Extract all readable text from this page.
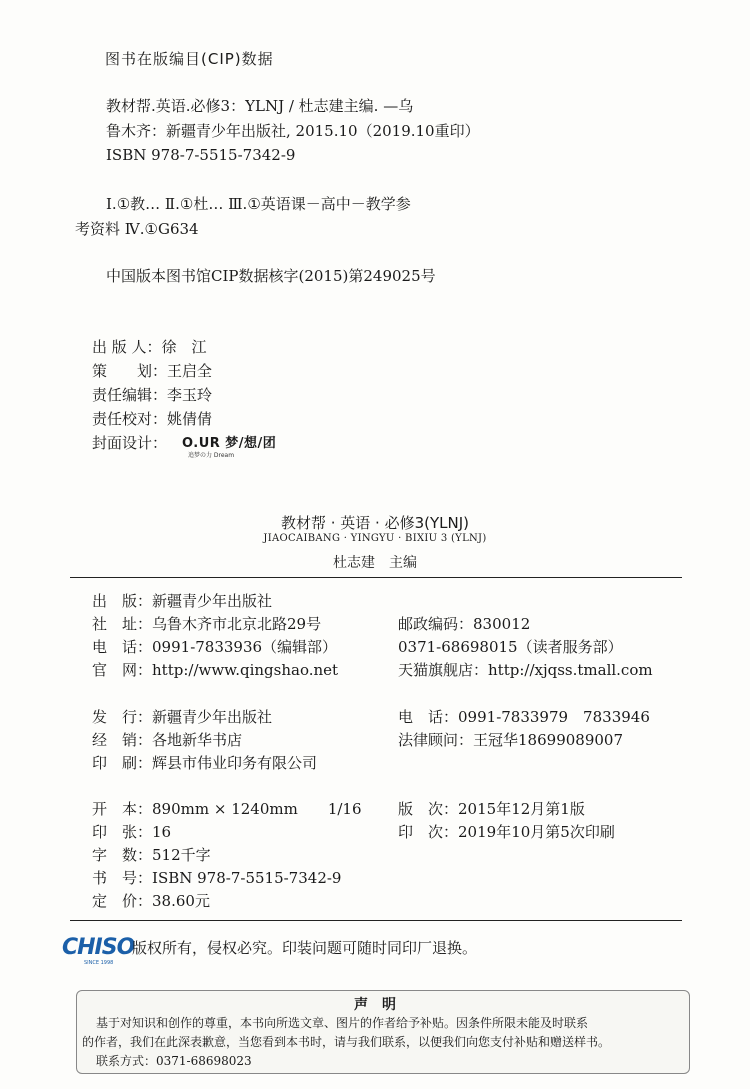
图书在版编目(CIP)数据
教材帮.英语.必修3：YLNJ / 杜志建主编. —乌
鲁木齐：新疆青少年出版社, 2015.10（2019.10重印）
ISBN 978-7-5515-7342-9
Ⅰ.①教… Ⅱ.①杜… Ⅲ.①英语课－高中－教学参
考资料 Ⅳ.①G634
中国版本图书馆CIP数据核字(2015)第249025号
出 版 人：徐　江
策　　划：王启全
责任编辑：李玉玲
责任校对：姚倩倩
封面设计： O.UR 梦/想/团
追梦の力 Dream
教材帮 · 英语 · 必修3(YLNJ)
JIAOCAIBANG · YINGYU · BIXIU 3 (YLNJ)
杜志建　主编
出　版：新疆青少年出版社
社　址：乌鲁木齐市北京北路29号
电　话：0991-7833936（编辑部）
官　网：http://www.qingshao.net
邮政编码：830012
0371-68698015（读者服务部）
天猫旗舰店：http://xjqss.tmall.com
发　行：新疆青少年出版社
经　销：各地新华书店
印　刷：辉县市伟业印务有限公司
电　话：0991-7833979　7833946
法律顾问：王冠华18699089007
开　本：890mm × 1240mm　　1/16
印　张：16
字　数：512千字
书　号：ISBN 978-7-5515-7342-9
定　价：38.60元
版　次：2015年12月第1版
印　次：2019年10月第5次印刷
CHISO
SINCE 1998
版权所有，侵权必究。印装问题可随时同印厂退换。
声　明
基于对知识和创作的尊重，本书向所选文章、图片的作者给予补贴。因条件所限未能及时联系
的作者，我们在此深表歉意，当您看到本书时，请与我们联系，以便我们向您支付补贴和赠送样书。
联系方式：0371-68698023
